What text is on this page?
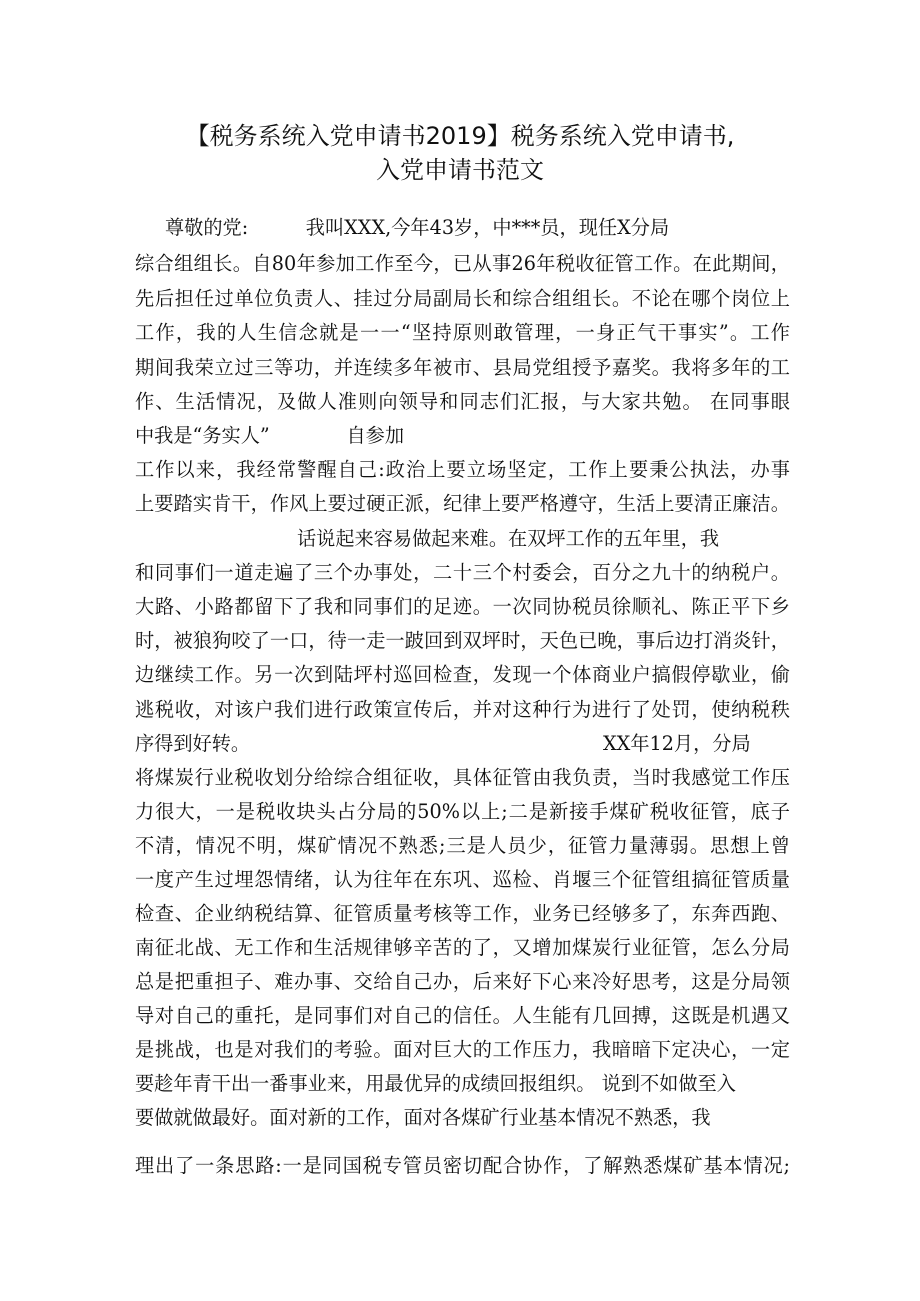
【税务系统入党申请书2019】税务系统入党申请书,
入党申请书范文
尊敬的党:　　　我叫XXX,今年43岁，中***员，现任X分局
综合组组长。自80年参加工作至今，已从事26年税收征管工作。在此期间，
先后担任过单位负责人、挂过分局副局长和综合组组长。不论在哪个岗位上
工作，我的人生信念就是一一“坚持原则敢管理，一身正气干事实”。工作
期间我荣立过三等功，并连续多年被市、县局党组授予嘉奖。我将多年的工
作、生活情况，及做人准则向领导和同志们汇报，与大家共勉。 在同事眼
中我是“务实人”　　　　自参加
工作以来，我经常警醒自己:政治上要立场坚定，工作上要秉公执法，办事
上要踏实肯干，作风上要过硬正派，纪律上要严格遵守，生活上要清正廉洁。
话说起来容易做起来难。在双坪工作的五年里，我
和同事们一道走遍了三个办事处，二十三个村委会，百分之九十的纳税户。
大路、小路都留下了我和同事们的足迹。一次同协税员徐顺礼、陈正平下乡
时，被狼狗咬了一口，待一走一跛回到双坪时，天色已晚，事后边打消炎针，
边继续工作。另一次到陆坪村巡回检查，发现一个体商业户搞假停歇业，偷
逃税收，对该户我们进行政策宣传后，并对这种行为进行了处罚，使纳税秩
序得到好转。	XX年12月，分局
将煤炭行业税收划分给综合组征收，具体征管由我负责，当时我感觉工作压
力很大，一是税收块头占分局的50%以上;二是新接手煤矿税收征管，底子
不清，情况不明，煤矿情况不熟悉;三是人员少，征管力量薄弱。思想上曾
一度产生过埋怨情绪，认为往年在东巩、巡检、肖堰三个征管组搞征管质量
检查、企业纳税结算、征管质量考核等工作，业务已经够多了，东奔西跑、
南征北战、无工作和生活规律够辛苦的了，又增加煤炭行业征管，怎么分局
总是把重担子、难办事、交给自己办，后来好下心来冷好思考，这是分局领
导对自己的重托，是同事们对自己的信任。人生能有几回搏，这既是机遇又
是挑战，也是对我们的考验。面对巨大的工作压力，我暗暗下定决心，一定
要趁年青干出一番事业来，用最优异的成绩回报组织。 说到不如做至入
要做就做最好。面对新的工作，面对各煤矿行业基本情况不熟悉，我
理出了一条思路:一是同国税专管员密切配合协作，了解熟悉煤矿基本情况;
